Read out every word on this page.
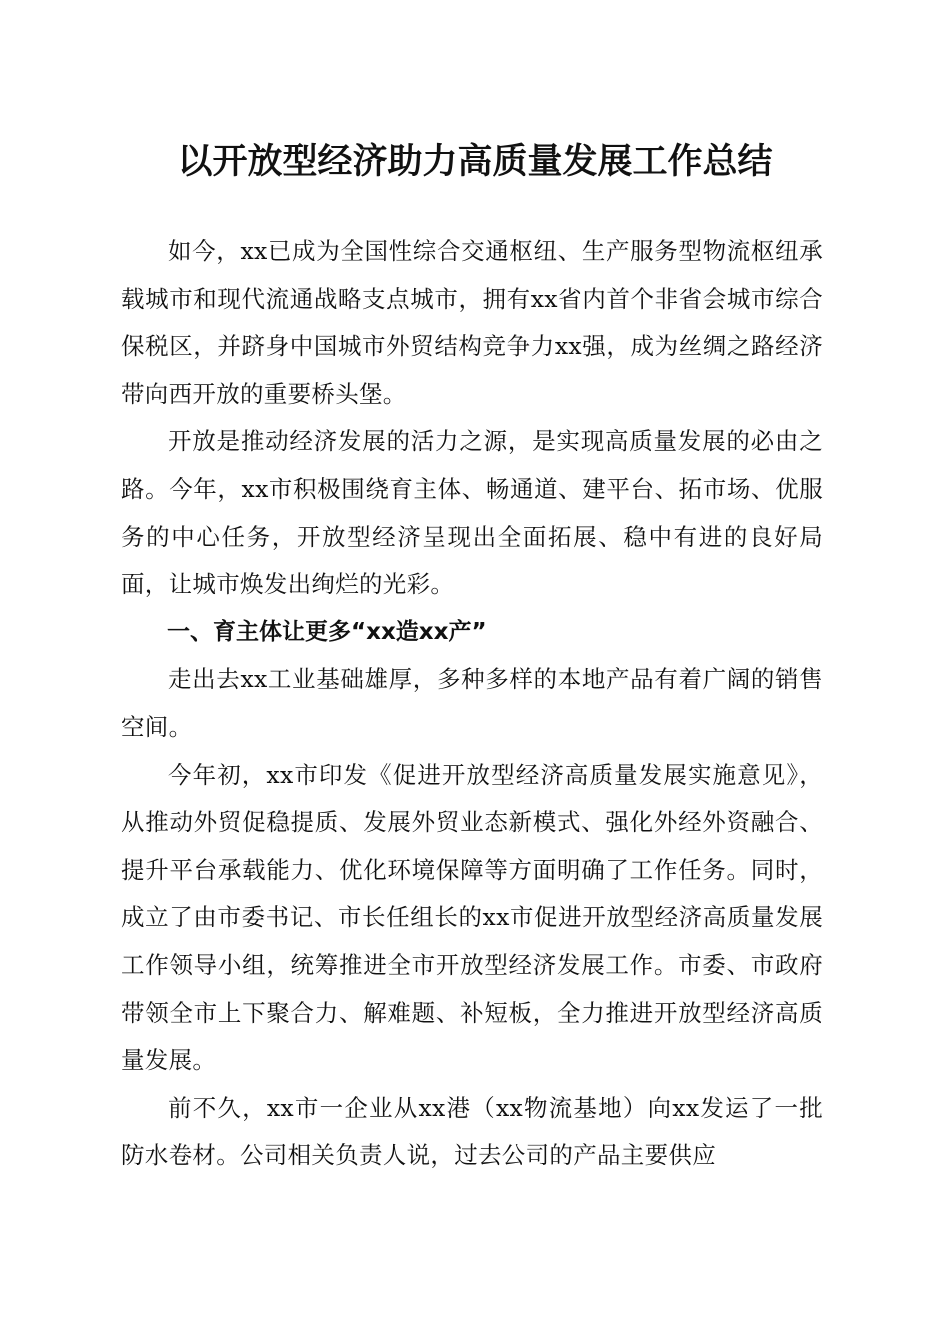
以开放型经济助力高质量发展工作总结

如今，xx已成为全国性综合交通枢纽、生产服务型物流枢纽承载城市和现代流通战略支点城市，拥有xx省内首个非省会城市综合保税区，并跻身中国城市外贸结构竞争力xx强，成为丝绸之路经济带向西开放的重要桥头堡。

开放是推动经济发展的活力之源，是实现高质量发展的必由之路。今年，xx市积极围绕育主体、畅通道、建平台、拓市场、优服务的中心任务，开放型经济呈现出全面拓展、稳中有进的良好局面，让城市焕发出绚烂的光彩。

一、育主体让更多“xx造xx产”

走出去xx工业基础雄厚，多种多样的本地产品有着广阔的销售空间。

今年初，xx市印发《促进开放型经济高质量发展实施意见》，从推动外贸促稳提质、发展外贸业态新模式、强化外经外资融合、提升平台承载能力、优化环境保障等方面明确了工作任务。同时，成立了由市委书记、市长任组长的xx市促进开放型经济高质量发展工作领导小组，统筹推进全市开放型经济发展工作。市委、市政府带领全市上下聚合力、解难题、补短板，全力推进开放型经济高质量发展。

前不久，xx市一企业从xx港（xx物流基地）向xx发运了一批防水卷材。公司相关负责人说，过去公司的产品主要供应
